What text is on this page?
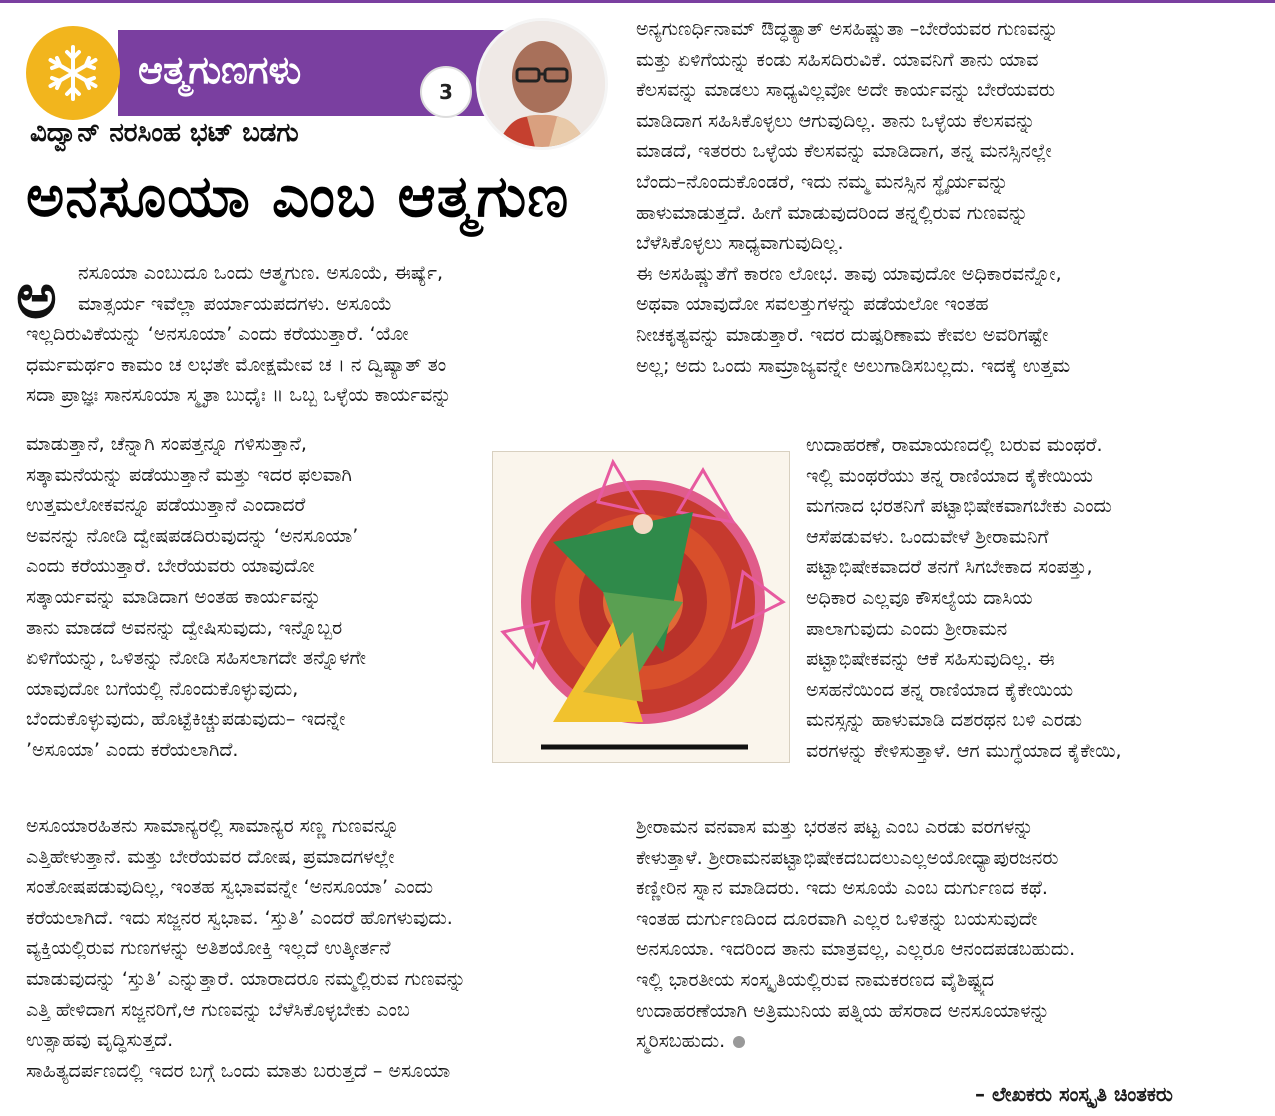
ಆತ್ಮಗುಣಗಳು	3
ವಿದ್ವಾನ್ ನರಸಿಂಹ ಭಟ್ ಬಡಗು
ಅನಸೂಯಾ ಎಂಬ ಆತ್ಮಗುಣ
ಅ ನಸೂಯಾ ಎಂಬುದೂ ಒಂದು ಆತ್ಮಗುಣ. ಅಸೂಯೆ, ಈರ್ಷ್ಯೆ,
ಮಾತ್ಸರ್ಯ ಇವೆಲ್ಲಾ ಪರ್ಯಾಯಪದಗಳು. ಅಸೂಯೆ
ಇಲ್ಲದಿರುವಿಕೆಯನ್ನು ‘ಅನಸೂಯಾ’ ಎಂದು ಕರೆಯುತ್ತಾರೆ. ‘ಯೋ
ಧರ್ಮಮರ್ಥಂ ಕಾಮಂ ಚ ಲಭತೇ ಮೋಕ್ಷಮೇವ ಚ । ನ ದ್ವಿಷ್ಯಾತ್ ತಂ
ಸದಾ ಪ್ರಾಜ್ಞಃ ಸಾನಸೂಯಾ ಸ್ಮೃತಾ ಬುಧೈಃ ॥ ಒಬ್ಬ ಒಳ್ಳೆಯ ಕಾರ್ಯವನ್ನು
ಮಾಡುತ್ತಾನೆ, ಚೆನ್ನಾಗಿ ಸಂಪತ್ತನ್ನೂ ಗಳಿಸುತ್ತಾನೆ,
ಸತ್ಕಾಮನೆಯನ್ನು ಪಡೆಯುತ್ತಾನೆ ಮತ್ತು ಇದರ ಫಲವಾಗಿ
ಉತ್ತಮಲೋಕವನ್ನೂ ಪಡೆಯುತ್ತಾನೆ ಎಂದಾದರೆ
ಅವನನ್ನು ನೋಡಿ ದ್ವೇಷಪಡದಿರುವುದನ್ನು ‘ಅನಸೂಯಾ’
ಎಂದು ಕರೆಯುತ್ತಾರೆ. ಬೇರೆಯವರು ಯಾವುದೋ
ಸತ್ಕಾರ್ಯವನ್ನು ಮಾಡಿದಾಗ ಅಂತಹ ಕಾರ್ಯವನ್ನು
ತಾನು ಮಾಡದೆ ಅವನನ್ನು ದ್ವೇಷಿಸುವುದು, ಇನ್ನೊಬ್ಬರ
ಏಳಿಗೆಯನ್ನು, ಒಳಿತನ್ನು ನೋಡಿ ಸಹಿಸಲಾಗದೇ ತನ್ನೊಳಗೇ
ಯಾವುದೋ ಬಗೆಯಲ್ಲಿ ನೊಂದುಕೊಳ್ಳುವುದು,
ಬೆಂದುಕೊಳ್ಳುವುದು, ಹೊಟ್ಟೆಕಿಚ್ಚುಪಡುವುದು– ಇದನ್ನೇ
’ಅಸೂಯಾ’ ಎಂದು ಕರೆಯಲಾಗಿದೆ.
ಅಸೂಯಾರಹಿತನು ಸಾಮಾನ್ಯರಲ್ಲಿ ಸಾಮಾನ್ಯರ ಸಣ್ಣ ಗುಣವನ್ನೂ
ಎತ್ತಿಹೇಳುತ್ತಾನೆ. ಮತ್ತು ಬೇರೆಯವರ ದೋಷ, ಪ್ರಮಾದಗಳಲ್ಲೇ
ಸಂತೋಷಪಡುವುದಿಲ್ಲ, ಇಂತಹ ಸ್ವಭಾವವನ್ನೇ ‘ಅನಸೂಯಾ’ ಎಂದು
ಕರೆಯಲಾಗಿದೆ. ಇದು ಸಜ್ಜನರ ಸ್ವಭಾವ. ‘ಸ್ತುತಿ’ ಎಂದರೆ ಹೊಗಳುವುದು.
ವ್ಯಕ್ತಿಯಲ್ಲಿರುವ ಗುಣಗಳನ್ನು ಅತಿಶಯೋಕ್ತಿ ಇಲ್ಲದೆ ಉತ್ಕೀರ್ತನೆ
ಮಾಡುವುದನ್ನು ‘ಸ್ತುತಿ’ ಎನ್ನುತ್ತಾರೆ. ಯಾರಾದರೂ ನಮ್ಮಲ್ಲಿರುವ ಗುಣವನ್ನು
ಎತ್ತಿ ಹೇಳಿದಾಗ ಸಜ್ಜನರಿಗೆ,ಆ ಗುಣವನ್ನು ಬೆಳೆಸಿಕೊಳ್ಳಬೇಕು ಎಂಬ
ಉತ್ಸಾಹವು ವೃದ್ಧಿಸುತ್ತದೆ.
ಸಾಹಿತ್ಯದರ್ಪಣದಲ್ಲಿ ಇದರ ಬಗ್ಗೆ ಒಂದು ಮಾತು ಬರುತ್ತದೆ – ಅಸೂಯಾ
ಅನ್ಯಗುಣರ್ಧಿನಾಮ್ ಔದ್ಧತ್ಯಾತ್ ಅಸಹಿಷ್ಣುತಾ –ಬೇರೆಯವರ ಗುಣವನ್ನು
ಮತ್ತು ಏಳಿಗೆಯನ್ನು ಕಂಡು ಸಹಿಸದಿರುವಿಕೆ. ಯಾವನಿಗೆ ತಾನು ಯಾವ
ಕೆಲಸವನ್ನು ಮಾಡಲು ಸಾಧ್ಯವಿಲ್ಲವೋ ಅದೇ ಕಾರ್ಯವನ್ನು ಬೇರೆಯವರು
ಮಾಡಿದಾಗ ಸಹಿಸಿಕೊಳ್ಳಲು ಆಗುವುದಿಲ್ಲ. ತಾನು ಒಳ್ಳೆಯ ಕೆಲಸವನ್ನು
ಮಾಡದೆ, ಇತರರು ಒಳ್ಳೆಯ ಕೆಲಸವನ್ನು ಮಾಡಿದಾಗ, ತನ್ನ ಮನಸ್ಸಿನಲ್ಲೇ
ಬೆಂದು–ನೊಂದುಕೊಂಡರೆ, ಇದು ನಮ್ಮ ಮನಸ್ಸಿನ ಸ್ಥೈರ್ಯವನ್ನು
ಹಾಳುಮಾಡುತ್ತದೆ. ಹೀಗೆ ಮಾಡುವುದರಿಂದ ತನ್ನಲ್ಲಿರುವ ಗುಣವನ್ನು
ಬೆಳೆಸಿಕೊಳ್ಳಲು ಸಾಧ್ಯವಾಗುವುದಿಲ್ಲ.
ಈ ಅಸಹಿಷ್ಣುತೆಗೆ ಕಾರಣ ಲೋಭ. ತಾವು ಯಾವುದೋ ಅಧಿಕಾರವನ್ನೋ,
ಅಥವಾ ಯಾವುದೋ ಸವಲತ್ತುಗಳನ್ನು ಪಡೆಯಲೋ ಇಂತಹ
ನೀಚಕೃತ್ಯವನ್ನು ಮಾಡುತ್ತಾರೆ. ಇದರ ದುಷ್ಪರಿಣಾಮ ಕೇವಲ ಅವರಿಗಷ್ಟೇ
ಅಲ್ಲ; ಅದು ಒಂದು ಸಾಮ್ರಾಜ್ಯವನ್ನೇ ಅಲುಗಾಡಿಸಬಲ್ಲದು. ಇದಕ್ಕೆ ಉತ್ತಮ
ಉದಾಹರಣೆ, ರಾಮಾಯಣದಲ್ಲಿ ಬರುವ ಮಂಥರೆ.
ಇಲ್ಲಿ ಮಂಥರೆಯು ತನ್ನ ರಾಣಿಯಾದ ಕೈಕೇಯಿಯ
ಮಗನಾದ ಭರತನಿಗೆ ಪಟ್ಟಾಭಿಷೇಕವಾಗಬೇಕು ಎಂದು
ಆಸೆಪಡುವಳು. ಒಂದುವೇಳೆ ಶ್ರೀರಾಮನಿಗೆ
ಪಟ್ಟಾಭಿಷೇಕವಾದರೆ ತನಗೆ ಸಿಗಬೇಕಾದ ಸಂಪತ್ತು,
ಅಧಿಕಾರ ಎಲ್ಲವೂ ಕೌಸಲ್ಯೆಯ ದಾಸಿಯ
ಪಾಲಾಗುವುದು ಎಂದು ಶ್ರೀರಾಮನ
ಪಟ್ಟಾಭಿಷೇಕವನ್ನು ಆಕೆ ಸಹಿಸುವುದಿಲ್ಲ. ಈ
ಅಸಹನೆಯಿಂದ ತನ್ನ ರಾಣಿಯಾದ ಕೈಕೇಯಿಯ
ಮನಸ್ಸನ್ನು ಹಾಳುಮಾಡಿ ದಶರಥನ ಬಳಿ ಎರಡು
ವರಗಳನ್ನು ಕೇಳಿಸುತ್ತಾಳೆ. ಆಗ ಮುಗ್ಧೆಯಾದ ಕೈಕೇಯಿ,
ಶ್ರೀರಾಮನ ವನವಾಸ ಮತ್ತು ಭರತನ ಪಟ್ಟ ಎಂಬ ಎರಡು ವರಗಳನ್ನು
ಕೇಳುತ್ತಾಳೆ. ಶ್ರೀರಾಮನಪಟ್ಟಾಭಿಷೇಕದಬದಲುಎಲ್ಲಅಯೋಧ್ಯಾಪುರಜನರು
ಕಣ್ಣೀರಿನ ಸ್ನಾನ ಮಾಡಿದರು. ಇದು ಅಸೂಯೆ ಎಂಬ ದುರ್ಗುಣದ ಕಥೆ.
ಇಂತಹ ದುರ್ಗುಣದಿಂದ ದೂರವಾಗಿ ಎಲ್ಲರ ಒಳಿತನ್ನು ಬಯಸುವುದೇ
ಅನಸೂಯಾ. ಇದರಿಂದ ತಾನು ಮಾತ್ರವಲ್ಲ, ಎಲ್ಲರೂ ಆನಂದಪಡಬಹುದು.
ಇಲ್ಲಿ ಭಾರತೀಯ ಸಂಸ್ಕೃತಿಯಲ್ಲಿರುವ ನಾಮಕರಣದ ವೈಶಿಷ್ಟ್ಯದ
ಉದಾಹರಣೆಯಾಗಿ ಅತ್ರಿಮುನಿಯ ಪತ್ನಿಯ ಹೆಸರಾದ ಅನಸೂಯಾಳನ್ನು
ಸ್ಮರಿಸಬಹುದು.
– ಲೇಖಕರು ಸಂಸ್ಕೃತಿ ಚಿಂತಕರು
